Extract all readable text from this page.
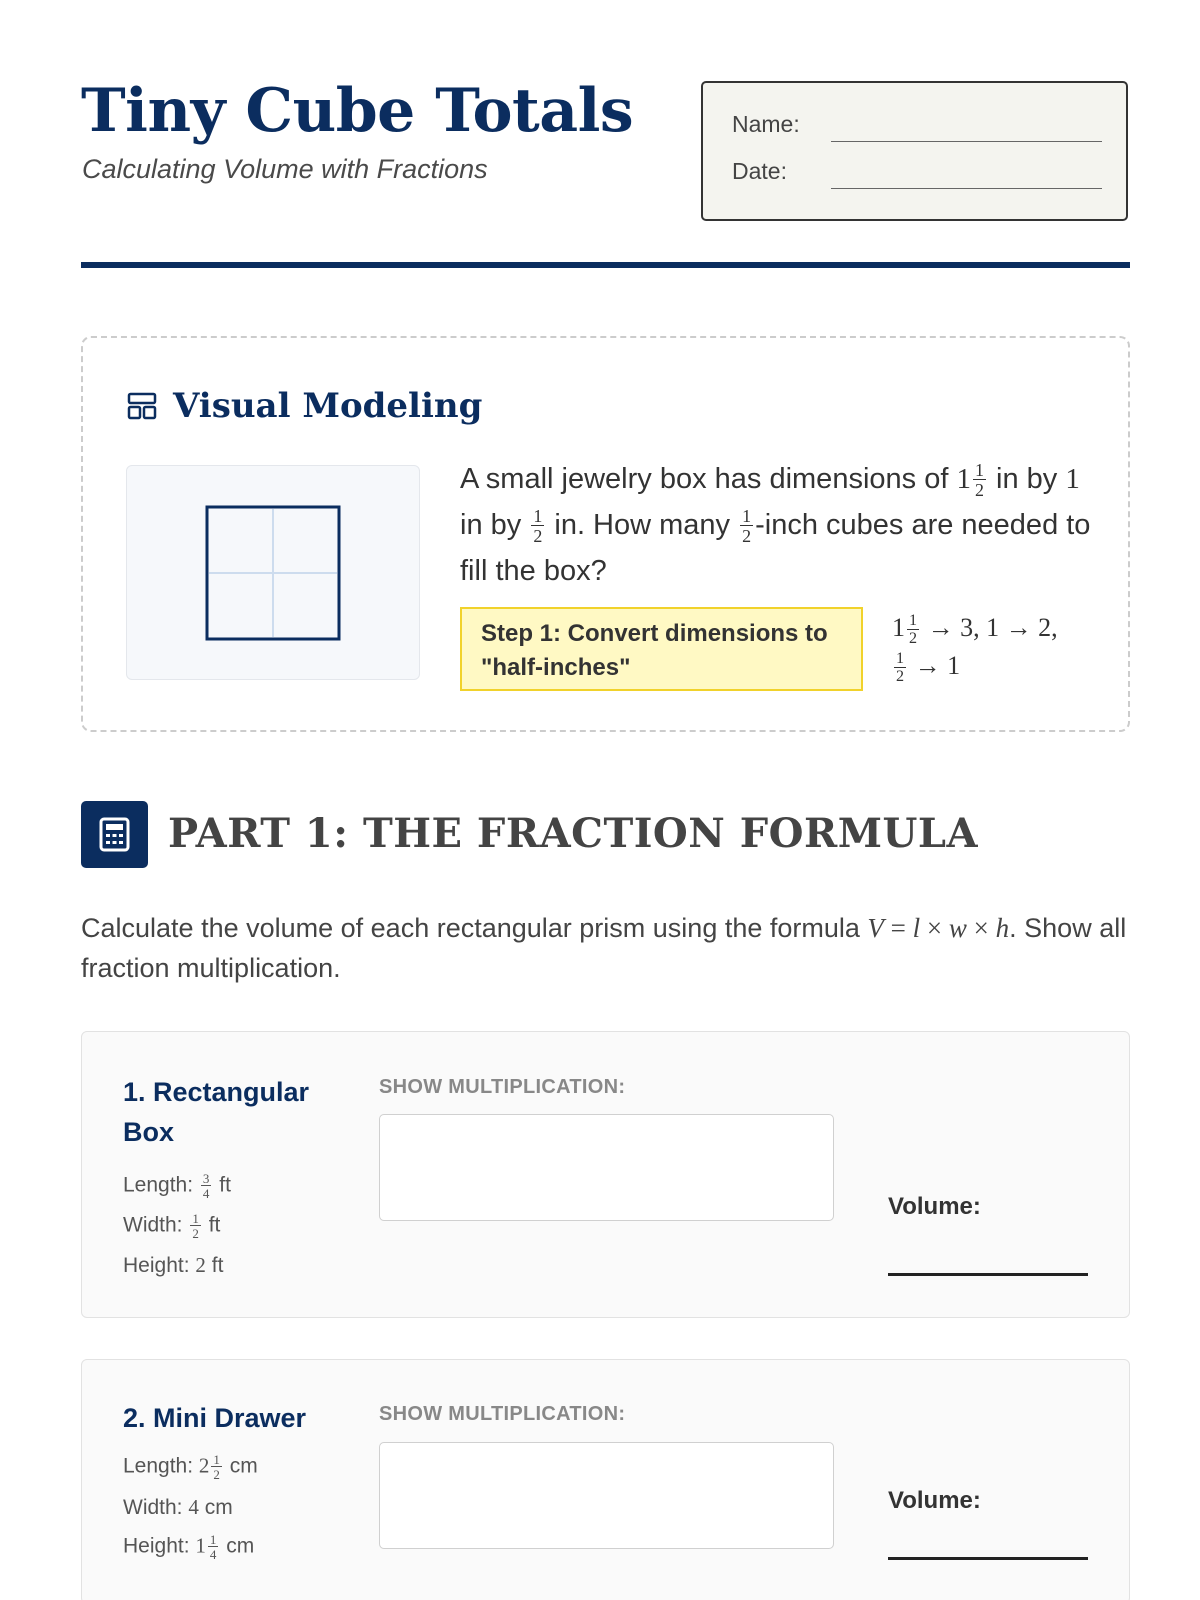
Tiny Cube Totals
Calculating Volume with Fractions
Name:
Date:
Visual Modeling
A small jewelry box has dimensions of $1 \frac{1}{2}$ in by 1 in by $\frac{1}{2}$ in. How many $\frac{1}{2}$ -inch cubes are needed to fill the box?
Step 1: Convert dimensions to "half-inches"
$1 \frac{1}{2} \to 3$, 1 → 2,

$\frac{1}{2} \to 1$
PART 1: THE FRACTION FORMULA
Calculate the volume of each rectangular prism using the formula V = l × w × h. Show all fraction multiplication.
1. Rectangular Box
Length: $\frac{3}{4}$ ft
Width: $\frac{1}{2}$ ft
Height: 2 ft
SHOW MULTIPLICATION:
Volume:
2. Mini Drawer
Length: $2 \frac{1}{2}$ cm
Width: 4 cm
Height: $1 \frac{1}{4}$ cm
SHOW MULTIPLICATION:
Volume:
